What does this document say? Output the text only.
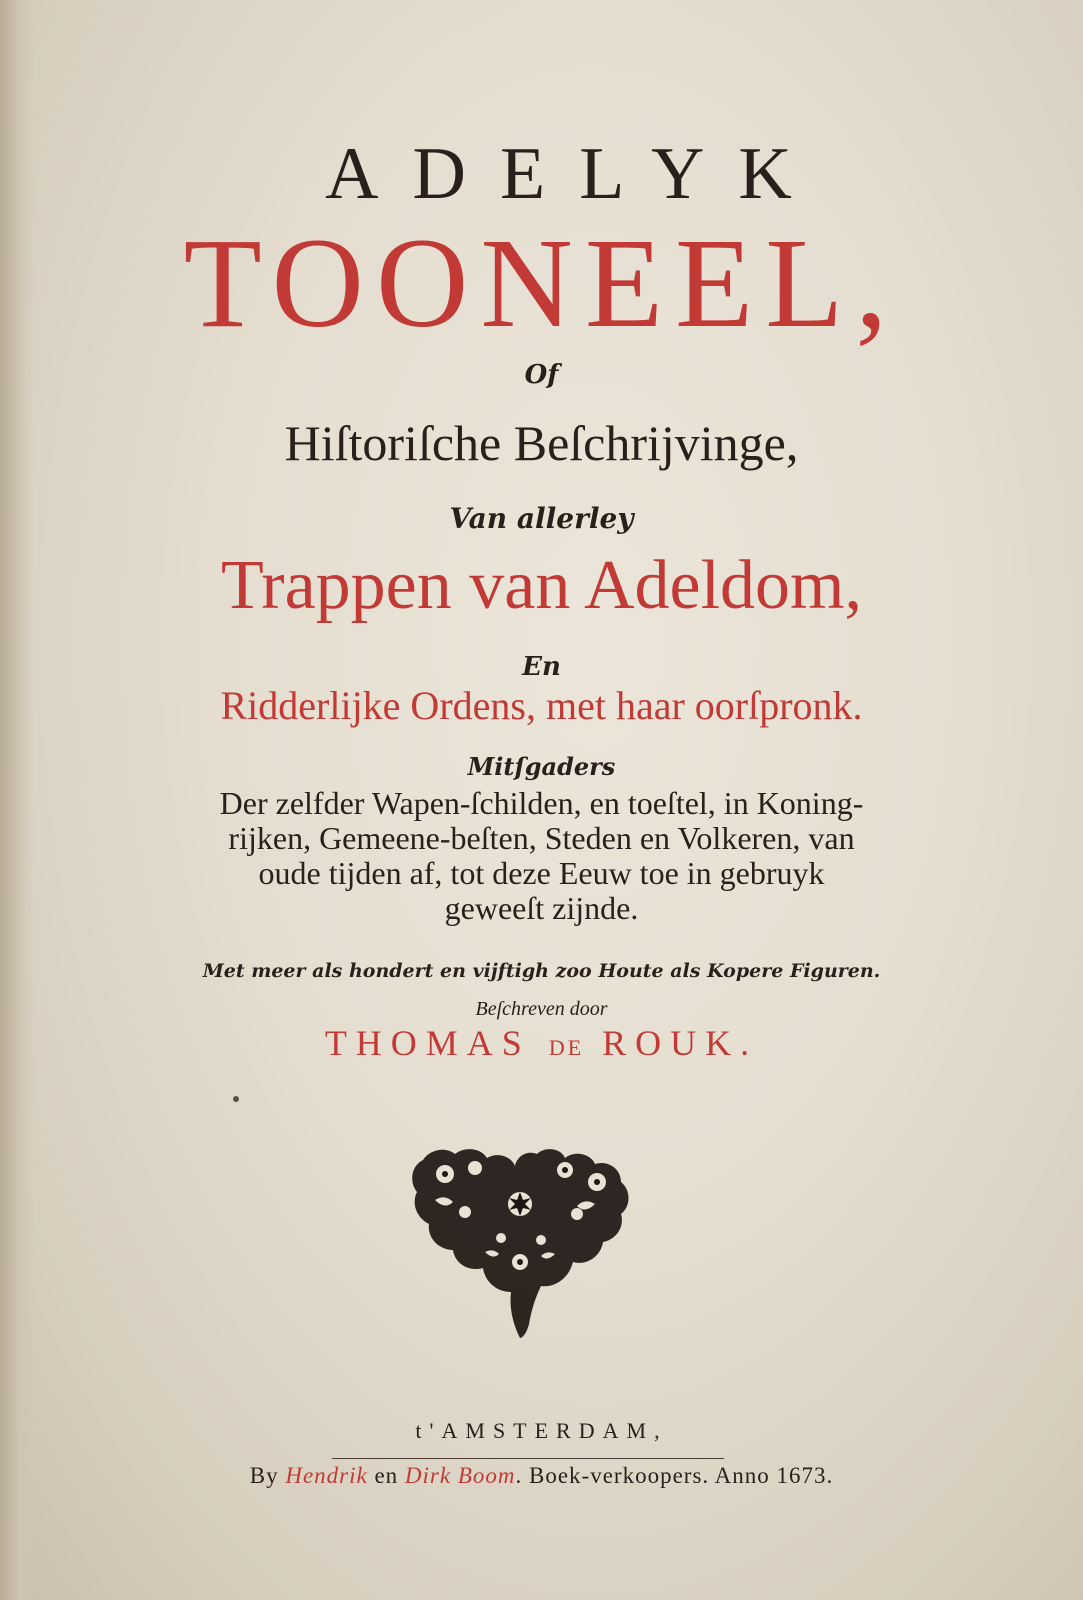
ADELYK
TOONEEL,
Of
Hiſtoriſche Beſchrijvinge,
Van allerley
Trappen van Adeldom,
En
Ridderlijke Ordens, met haar oorſpronk.
Mitſgaders
Der zelfder Wapen-ſchilden, en toeſtel, in Koning-
rijken, Gemeene-beſten, Steden en Volkeren, van
oude tijden af, tot deze Eeuw toe in gebruyk
geweeſt zijnde.
Met meer als hondert en vijftigh zoo Houte als Kopere Figuren.
Beſchreven door
THOMAS DE ROUK.
t'AMSTERDAM,
By Hendrik en Dirk Boom. Boek-verkoopers. Anno 1673.
